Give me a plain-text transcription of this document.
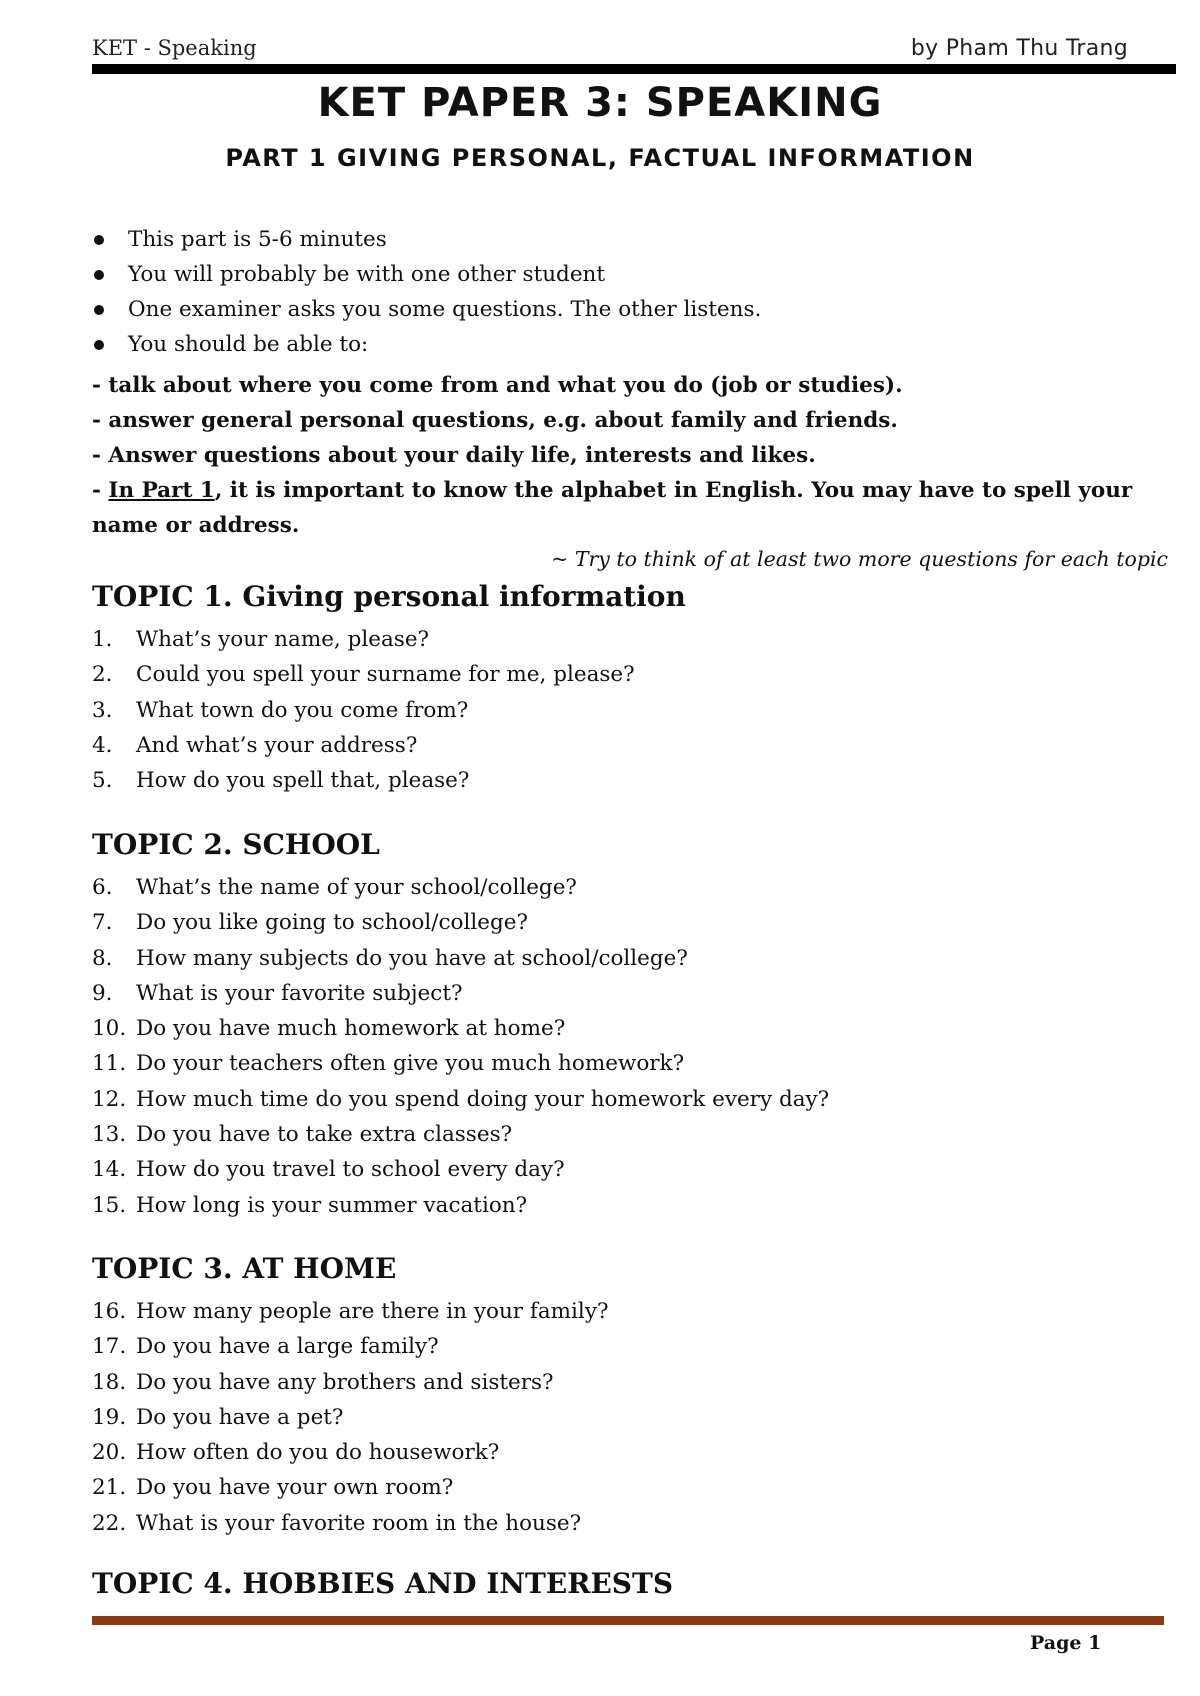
KET - Speaking	by Pham Thu Trang
KET PAPER 3: SPEAKING
PART 1 GIVING PERSONAL, FACTUAL INFORMATION
This part is 5-6 minutes
You will probably be with one other student
One examiner asks you some questions. The other listens.
You should be able to:
- talk about where you come from and what you do (job or studies).
- answer general personal questions, e.g. about family and friends.
- Answer questions about your daily life, interests and likes.
- In Part 1, it is important to know the alphabet in English. You may have to spell your
name or address.
~ Try to think of at least two more questions for each topic
TOPIC 1. Giving personal information
1. What’s your name, please?
2. Could you spell your surname for me, please?
3. What town do you come from?
4. And what’s your address?
5. How do you spell that, please?
TOPIC 2. SCHOOL
6. What’s the name of your school/college?
7. Do you like going to school/college?
8. How many subjects do you have at school/college?
9. What is your favorite subject?
10. Do you have much homework at home?
11. Do your teachers often give you much homework?
12. How much time do you spend doing your homework every day?
13. Do you have to take extra classes?
14. How do you travel to school every day?
15. How long is your summer vacation?
TOPIC 3. AT HOME
16. How many people are there in your family?
17. Do you have a large family?
18. Do you have any brothers and sisters?
19. Do you have a pet?
20. How often do you do housework?
21. Do you have your own room?
22. What is your favorite room in the house?
TOPIC 4. HOBBIES AND INTERESTS
Page 1
